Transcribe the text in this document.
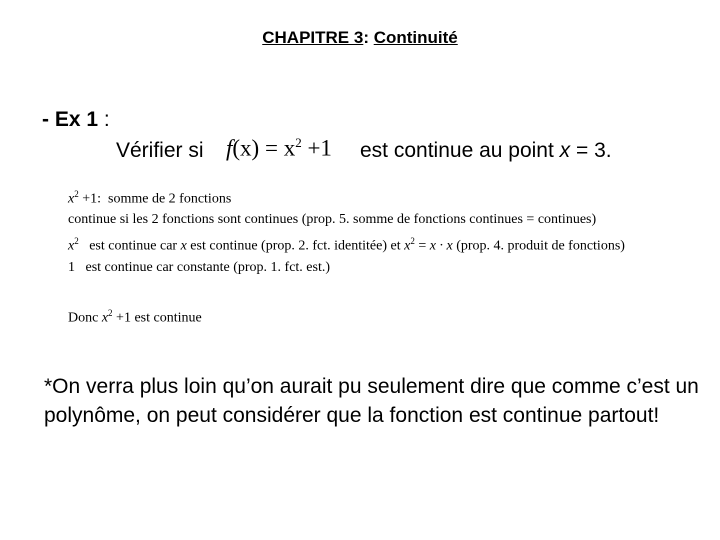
CHAPITRE 3: Continuité
- Ex 1 :
Vérifier si $f(x) = x^2 +1$ est continue au point x = 3.
$x^2 +1$:  somme de 2 fonctions
continue si les 2 fonctions sont continues (prop. 5. somme de fonctions continues = continues)
$x^2$   est continue car x est continue (prop. 2. fct. identitée) et $x^2 = x \cdot x$ (prop. 4. produit de fonctions)
1   est continue car constante (prop. 1. fct. est.)
Donc $x^2 +1$ est continue
*On verra plus loin qu’on aurait pu seulement dire que comme c’est un polynôme, on peut considérer que la fonction est continue partout!
